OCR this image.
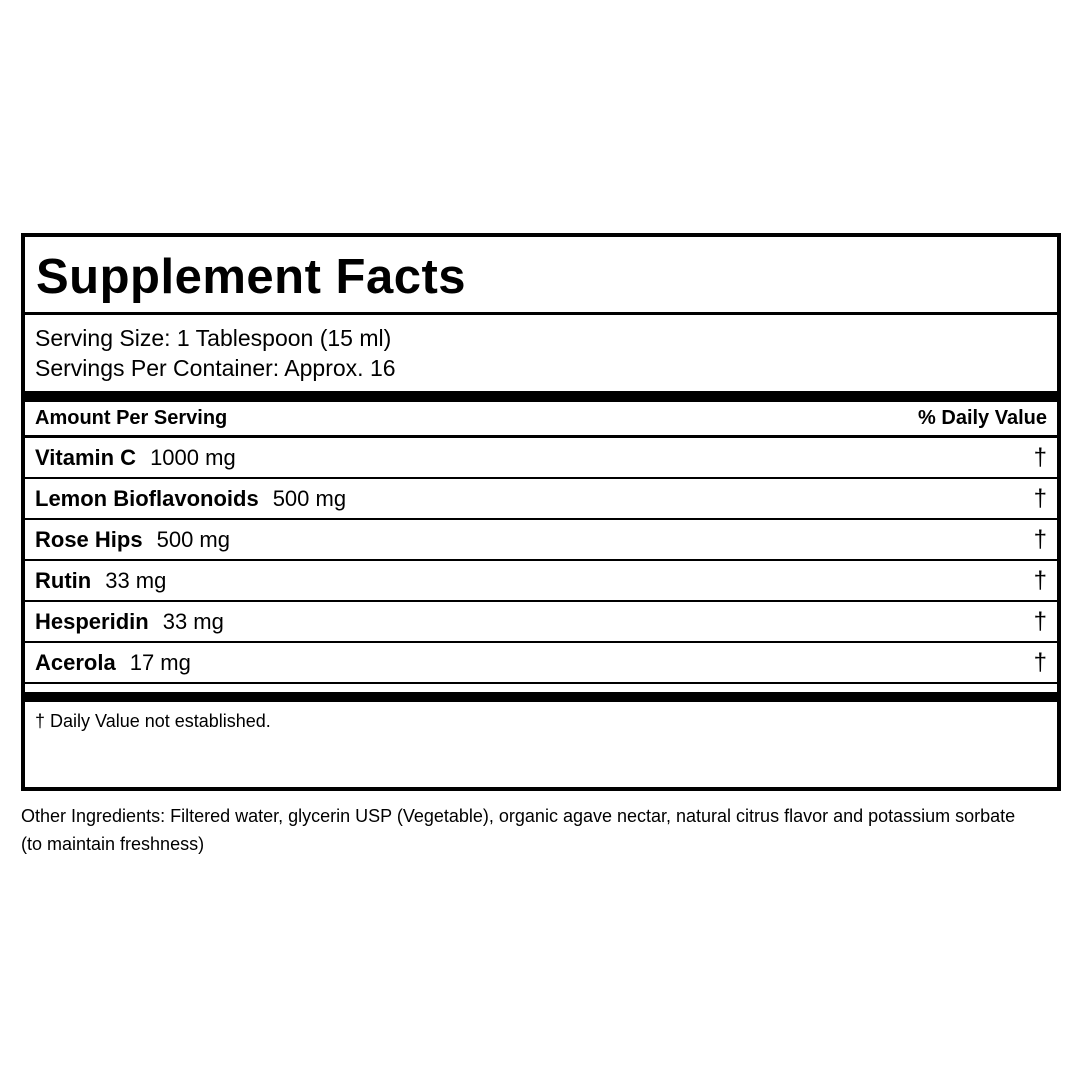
Supplement Facts
Serving Size: 1 Tablespoon (15 ml)
Servings Per Container: Approx. 16
Amount Per Serving	% Daily Value
Vitamin C 1000 mg	†
Lemon Bioflavonoids 500 mg	†
Rose Hips 500 mg	†
Rutin 33 mg	†
Hesperidin 33 mg	†
Acerola 17 mg	†
† Daily Value not established.
Other Ingredients: Filtered water, glycerin USP (Vegetable), organic agave nectar, natural citrus flavor and potassium sorbate (to maintain freshness)
